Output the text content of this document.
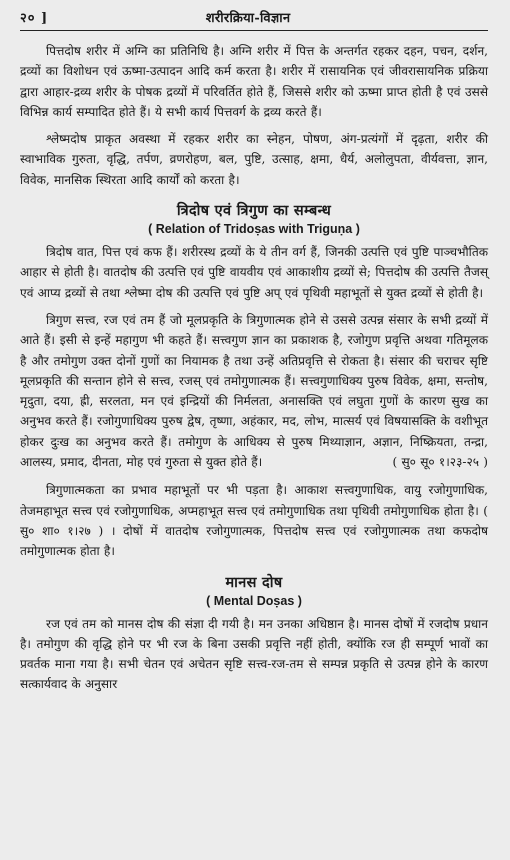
२० ]	शरीरक्रिया-विज्ञान

पित्तदोष शरीर में अग्नि का प्रतिनिधि है। अग्नि शरीर में पित्त के अन्तर्गत रहकर दहन, पचन, दर्शन, द्रव्यों का विशोधन एवं ऊष्मा-उत्पादन आदि कर्म करता है। शरीर में रासायनिक एवं जीवरासायनिक प्रक्रिया द्वारा आहार-द्रव्य शरीर के पोषक द्रव्यों में परिवर्तित होते हैं, जिससे शरीर को ऊष्मा प्राप्त होती है एवं उससे विभिन्न कार्य सम्पादित होते हैं। ये सभी कार्य पित्तवर्ग के द्रव्य करते हैं।

श्लेष्मदोष प्राकृत अवस्था में रहकर शरीर का स्नेहन, पोषण, अंग-प्रत्यंगों में दृढ़ता, शरीर की स्वाभाविक गुरुता, वृद्धि, तर्पण, व्रणरोहण, बल, पुष्टि, उत्साह, क्षमा, धैर्य, अलोलुपता, वीर्यवत्ता, ज्ञान, विवेक, मानसिक स्थिरता आदि कार्यों को करता है।

त्रिदोष एवं त्रिगुण का सम्बन्ध
( Relation of Tridoṣas with Triguṇa )

त्रिदोष वात, पित्त एवं कफ हैं। शरीरस्थ द्रव्यों के ये तीन वर्ग हैं, जिनकी उत्पत्ति एवं पुष्टि पाञ्चभौतिक आहार से होती है। वातदोष की उत्पत्ति एवं पुष्टि वायवीय एवं आकाशीय द्रव्यों से; पित्तदोष की उत्पत्ति तैजस् एवं आप्य द्रव्यों से तथा श्लेष्मा दोष की उत्पत्ति एवं पुष्टि अप् एवं पृथिवी महाभूतों से युक्त द्रव्यों से होती है।

त्रिगुण सत्त्व, रज एवं तम हैं जो मूलप्रकृति के त्रिगुणात्मक होने से उससे उत्पन्न संसार के सभी द्रव्यों में आते हैं। इसी से इन्हें महागुण भी कहते हैं। सत्त्वगुण ज्ञान का प्रकाशक है, रजोगुण प्रवृत्ति अथवा गतिमूलक है और तमोगुण उक्त दोनों गुणों का नियामक है तथा उन्हें अतिप्रवृत्ति से रोकता है। संसार की चराचर सृष्टि मूलप्रकृति की सन्तान होने से सत्त्व, रजस् एवं तमोगुणात्मक हैं। सत्त्वगुणाधिक्य पुरुष विवेक, क्षमा, सन्तोष, मृदुता, दया, ह्री, सरलता, मन एवं इन्द्रियों की निर्मलता, अनासक्ति एवं लघुता गुणों के कारण सुख का अनुभव करते हैं। रजोगुणाधिक्य पुरुष द्वेष, तृष्णा, अहंकार, मद, लोभ, मात्सर्य एवं विषयासक्ति के वशीभूत होकर दुःख का अनुभव करते हैं। तमोगुण के आधिक्य से पुरुष मिथ्याज्ञान, अज्ञान, निष्क्रियता, तन्द्रा, आलस्य, प्रमाद, दीनता, मोह एवं गुरुता से युक्त होते हैं।	( सु० सू० १।२३-२५ )

त्रिगुणात्मकता का प्रभाव महाभूतों पर भी पड़ता है। आकाश सत्त्वगुणाधिक, वायु रजोगुणाधिक, तेजमहाभूत सत्त्व एवं रजोगुणाधिक, अप्महाभूत सत्त्व एवं तमोगुणाधिक तथा पृथिवी तमोगुणाधिक होता है। ( सु० शा० १।२७ ) । दोषों में वातदोष रजोगुणात्मक, पित्तदोष सत्त्व एवं रजोगुणात्मक तथा कफदोष तमोगुणात्मक होता है।

मानस दोष
( Mental Doṣas )

रज एवं तम को मानस दोष की संज्ञा दी गयी है। मन उनका अधिष्ठान है। मानस दोषों में रजदोष प्रधान है। तमोगुण की वृद्धि होने पर भी रज के बिना उसकी प्रवृत्ति नहीं होती, क्योंकि रज ही सम्पूर्ण भावों का प्रवर्तक माना गया है। सभी चेतन एवं अचेतन सृष्टि सत्त्व-रज-तम से सम्पन्न प्रकृति से उत्पन्न होने के कारण सत्कार्यवाद के अनुसार
